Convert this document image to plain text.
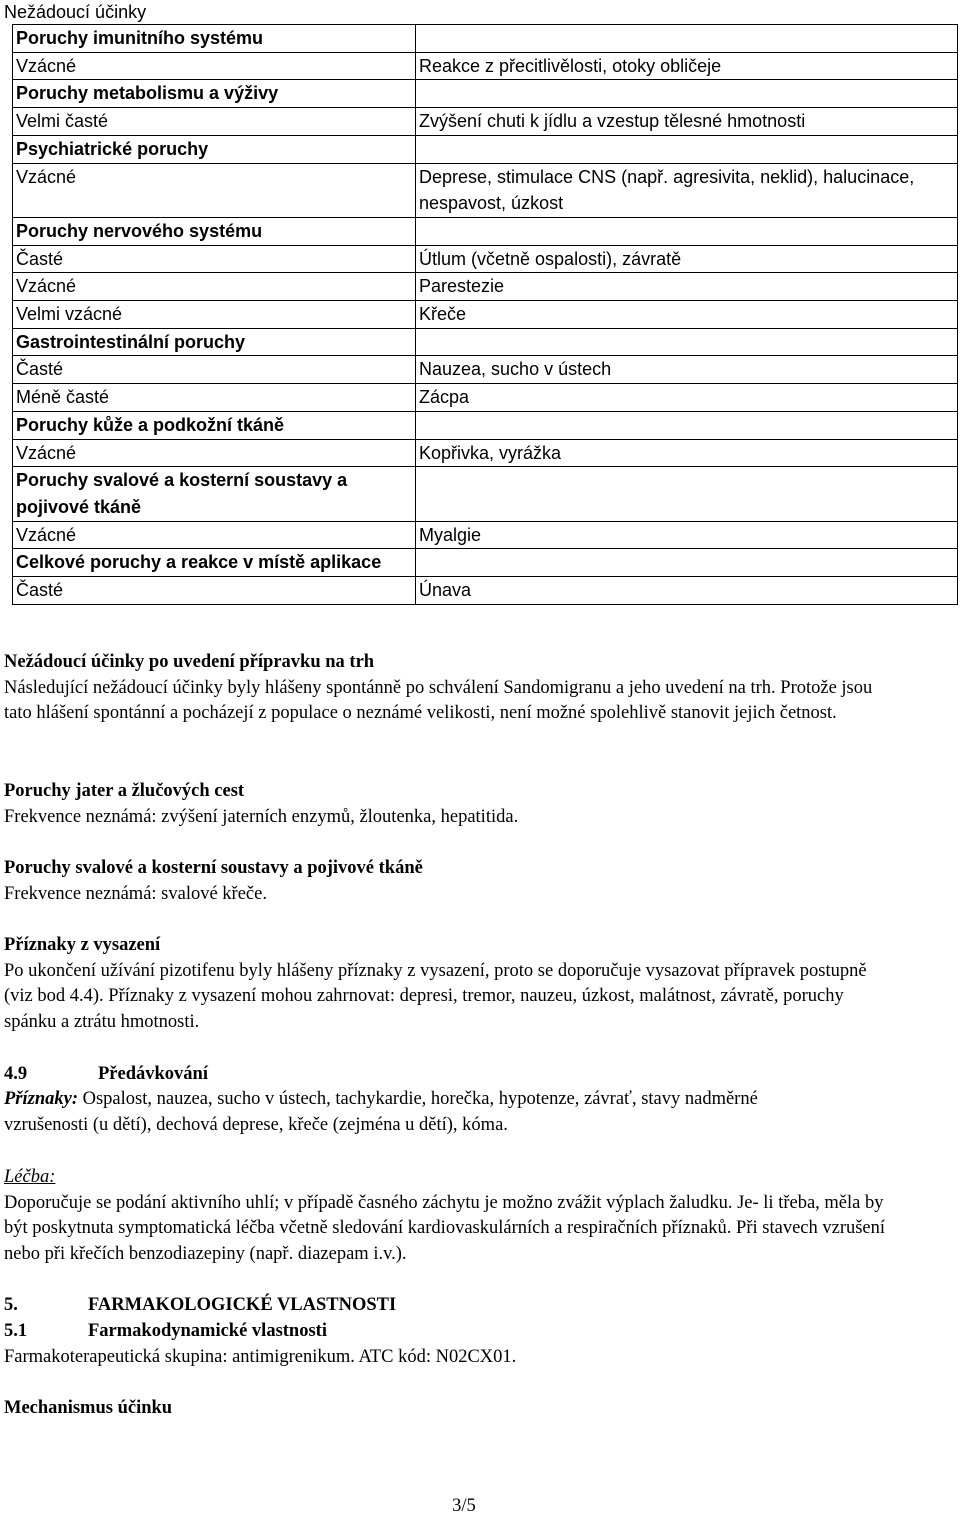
Nežádoucí účinky
Poruchy imunitního systému	
Vzácné	Reakce z přecitlivělosti, otoky obličeje
Poruchy metabolismu a výživy	
Velmi časté	Zvýšení chuti k jídlu a vzestup tělesné hmotnosti
Psychiatrické poruchy	
Vzácné	Deprese, stimulace CNS (např. agresivita, neklid), halucinace, nespavost, úzkost
Poruchy nervového systému	
Časté	Útlum (včetně ospalosti), závratě
Vzácné	Parestezie
Velmi vzácné	Křeče
Gastrointestinální poruchy	
Časté	Nauzea, sucho v ústech
Méně časté	Zácpa
Poruchy kůže a podkožní tkáně	
Vzácné	Kopřivka, vyrážka
Poruchy svalové a kosterní soustavy a pojivové tkáně	
Vzácné	Myalgie
Celkové poruchy a reakce v místě aplikace	
Časté	Únava
Nežádoucí účinky po uvedení přípravku na trh
Následující nežádoucí účinky byly hlášeny spontánně po schválení Sandomigranu a jeho uvedení na trh. Protože jsou tato hlášení spontánní a pocházejí z populace o neznámé velikosti, není možné spolehlivě stanovit jejich četnost.
Poruchy jater a žlučových cest
Frekvence neznámá: zvýšení jaterních enzymů, žloutenka, hepatitida.
Poruchy svalové a kosterní soustavy a pojivové tkáně
Frekvence neznámá: svalové křeče.
Příznaky z vysazení
Po ukončení užívání pizotifenu byly hlášeny příznaky z vysazení, proto se doporučuje vysazovat přípravek postupně (viz bod 4.4). Příznaky z vysazení mohou zahrnovat: depresi, tremor, nauzeu, úzkost, malátnost, závratě, poruchy spánku a ztrátu hmotnosti.
4.9	Předávkování
Příznaky: Ospalost, nauzea, sucho v ústech, tachykardie, horečka, hypotenze, závrať, stavy nadměrné vzrušenosti (u dětí), dechová deprese, křeče (zejména u dětí), kóma.
Léčba:
Doporučuje se podání aktivního uhlí; v případě časného záchytu je možno zvážit výplach žaludku. Je- li třeba, měla by být poskytnuta symptomatická léčba včetně sledování kardiovaskulárních a respiračních příznaků. Při stavech vzrušení nebo při křečích benzodiazepiny (např. diazepam i.v.).
5.	FARMAKOLOGICKÉ VLASTNOSTI
5.1	Farmakodynamické vlastnosti
Farmakoterapeutická skupina: antimigrenikum. ATC kód: N02CX01.
Mechanismus účinku
3/5
